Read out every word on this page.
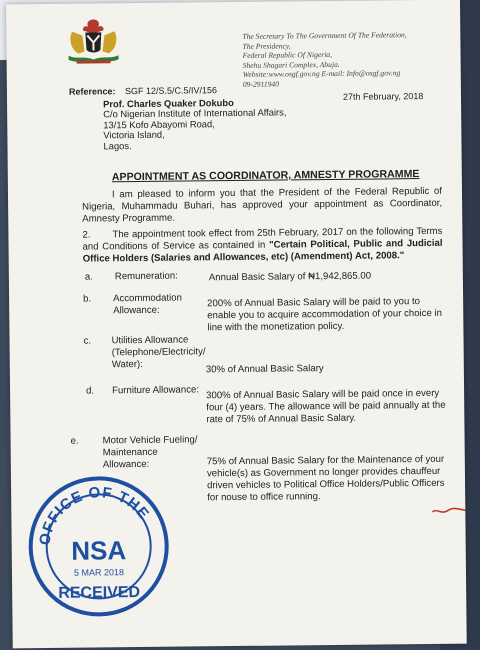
The Secretary To The Government Of The Federation,
The Presidency,
Federal Republic Of Nigeria,
Shehu Shagari Complex, Abuja.
Website:www.osgf.gov.ng E-mail: Info@osgf.gov.ng
09-2911940
Reference: SGF 12/S.5/C.5/IV/156
27th February, 2018
Prof. Charles Quaker Dokubo
C/o Nigerian Institute of International Affairs,
13/15 Kofo Abayomi Road,
Victoria Island,
Lagos.
APPOINTMENT AS COORDINATOR, AMNESTY PROGRAMME
I am pleased to inform you that the President of the Federal Republic of Nigeria, Muhammadu Buhari, has approved your appointment as Coordinator, Amnesty Programme.
2. The appointment took effect from 25th February, 2017 on the following Terms and Conditions of Service as contained in "Certain Political, Public and Judicial Office Holders (Salaries and Allowances, etc) (Amendment) Act, 2008."
a. Remuneration:	Annual Basic Salary of ₦1,942,865.00
b. Accommodation Allowance:
200% of Annual Basic Salary will be paid to you to enable you to acquire accommodation of your choice in line with the monetization policy.
c. Utilities Allowance (Telephone/Electricity/ Water):	30% of Annual Basic Salary
d. Furniture Allowance: 300% of Annual Basic Salary will be paid once in every four (4) years. The allowance will be paid annually at the rate of 75% of Annual Basic Salary.
e. Motor Vehicle Fueling/ Maintenance Allowance:	75% of Annual Basic Salary for the Maintenance of your vehicle(s) as Government no longer provides chauffeur driven vehicles to Political Office Holders/Public Officers for nouse to office running.
OFFICE OF THE
NSA
5 MAR 2018
RECEIVED
